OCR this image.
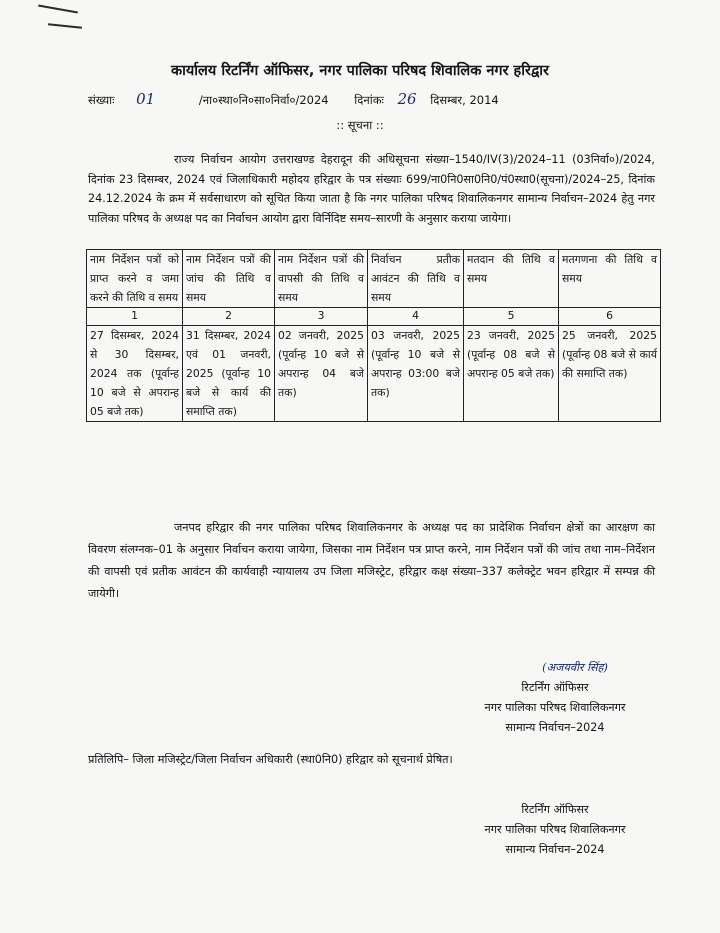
कार्यालय रिटर्निंग ऑफिसर, नगर पालिका परिषद शिवालिक नगर हरिद्वार
संख्याः 01	/ना०स्था०नि०सा०निर्वा०/2024 दिनांकः 26 दिसम्बर, 2014
:: सूचना ::
राज्य निर्वाचन आयोग उत्तराखण्ड देहरादून की अधिसूचना संख्या–1540/IV(3)/2024–11 (03निर्वा०)/2024, दिनांक 23 दिसम्बर, 2024 एवं जिलाधिकारी महोदय हरिद्वार के पत्र संख्याः 699/ना0नि0सा0नि0/पं0स्था0(सूचना)/2024–25, दिनांक 24.12.2024 के क्रम में सर्वसाधारण को सूचित किया जाता है कि नगर पालिका परिषद शिवालिकनगर सामान्य निर्वाचन–2024 हेतु नगर पालिका परिषद के अध्यक्ष पद का निर्वाचन आयोग द्वारा विर्निदिष्ट समय–सारणी के अनुसार कराया जायेगा।
नाम निर्देशन पत्रों को प्राप्त करने व जमा करने की तिथि व समय	नाम निर्देशन पत्रों की जांच की तिथि व समय	नाम निर्देशन पत्रों की वापसी की तिथि व समय	निर्वाचन प्रतीक आवंटन की तिथि व समय	मतदान की तिथि व समय	मतगणना की तिथि व समय
1	2	3	4	5	6
27 दिसम्बर, 2024 से 30 दिसम्बर, 2024 तक (पूर्वान्ह 10 बजे से अपरान्ह 05 बजे तक)	31 दिसम्बर, 2024 एवं 01 जनवरी, 2025 (पूर्वान्ह 10 बजे से कार्य की समाप्ति तक)	02 जनवरी, 2025 (पूर्वान्ह 10 बजे से अपरान्ह 04 बजे तक)	03 जनवरी, 2025 (पूर्वान्ह 10 बजे से अपरान्ह 03:00 बजे तक)	23 जनवरी, 2025 (पूर्वान्ह 08 बजे से अपरान्ह 05 बजे तक)	25 जनवरी, 2025 (पूर्वान्ह 08 बजे से कार्य की समाप्ति तक)
जनपद हरिद्वार की नगर पालिका परिषद शिवालिकनगर के अध्यक्ष पद का प्रादेशिक निर्वाचन क्षेत्रों का आरक्षण का विवरण संलग्नक–01 के अनुसार निर्वाचन कराया जायेगा, जिसका नाम निर्देशन पत्र प्राप्त करने, नाम निर्देशन पत्रों की जांच तथा नाम–निर्देशन की वापसी एवं प्रतीक आवंटन की कार्यवाही न्यायालय उप जिला मजिस्ट्रेट, हरिद्वार कक्ष संख्या–337 कलेक्ट्रेट भवन हरिद्वार में सम्पन्न की जायेगी।
(अजयवीर सिंह)
रिटर्निंग ऑफिसर
नगर पालिका परिषद शिवालिकनगर
सामान्य निर्वाचन–2024
प्रतिलिपि– जिला मजिस्ट्रेट/जिला निर्वाचन अधिकारी (स्था0नि0) हरिद्वार को सूचनार्थ प्रेषित।
रिटर्निंग ऑफिसर
नगर पालिका परिषद शिवालिकनगर
सामान्य निर्वाचन–2024
